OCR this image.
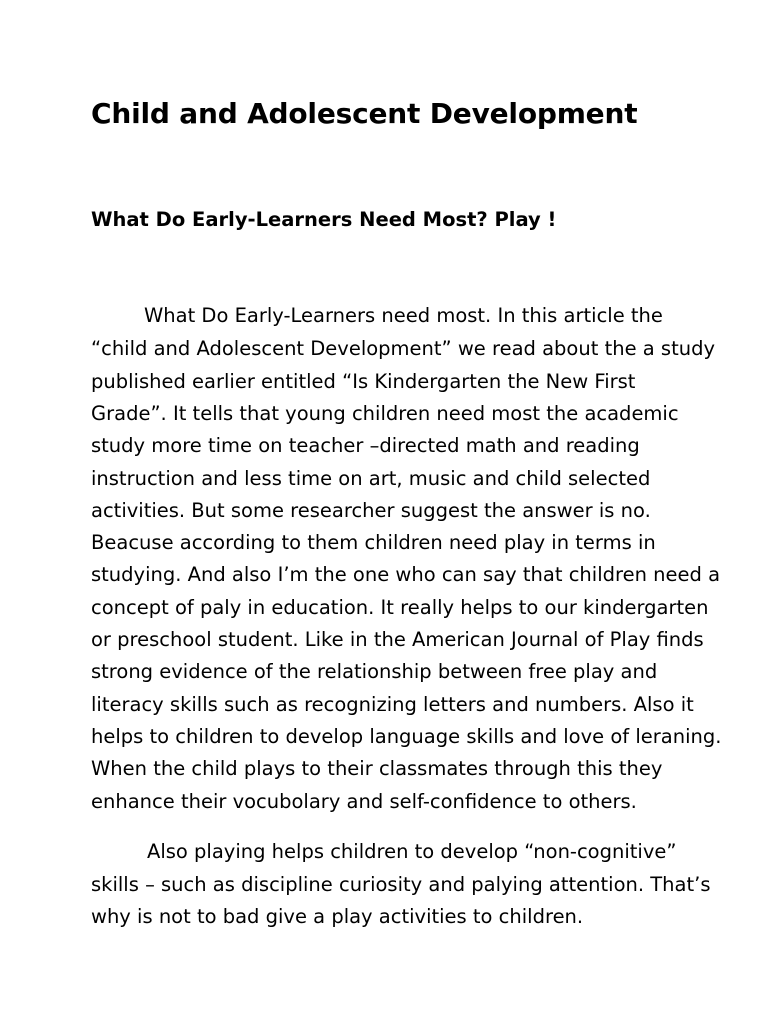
Child and Adolescent Development
What Do Early-Learners Need Most? Play !

What Do Early-Learners need most. In this article the

“child and Adolescent Development” we read about the a study

published earlier entitled “Is Kindergarten the New First

Grade”. It tells that young children need most the academic

study more time on teacher –directed math and reading

instruction and less time on art, music and child selected

activities. But some researcher suggest the answer is no.

Beacuse according to them children need play in terms in

studying. And also I’m the one who can say that children need a

concept of paly in education. It really helps to our kindergarten

or preschool student. Like in the American Journal of Play finds

strong evidence of the relationship between free play and

literacy skills such as recognizing letters and numbers. Also it

helps to children to develop language skills and love of leraning.

When the child plays to their classmates through this they

enhance their vocubolary and self-confidence to others.

Also playing helps children to develop “non-cognitive”

skills – such as discipline curiosity and palying attention. That’s

why is not to bad give a play activities to children.
